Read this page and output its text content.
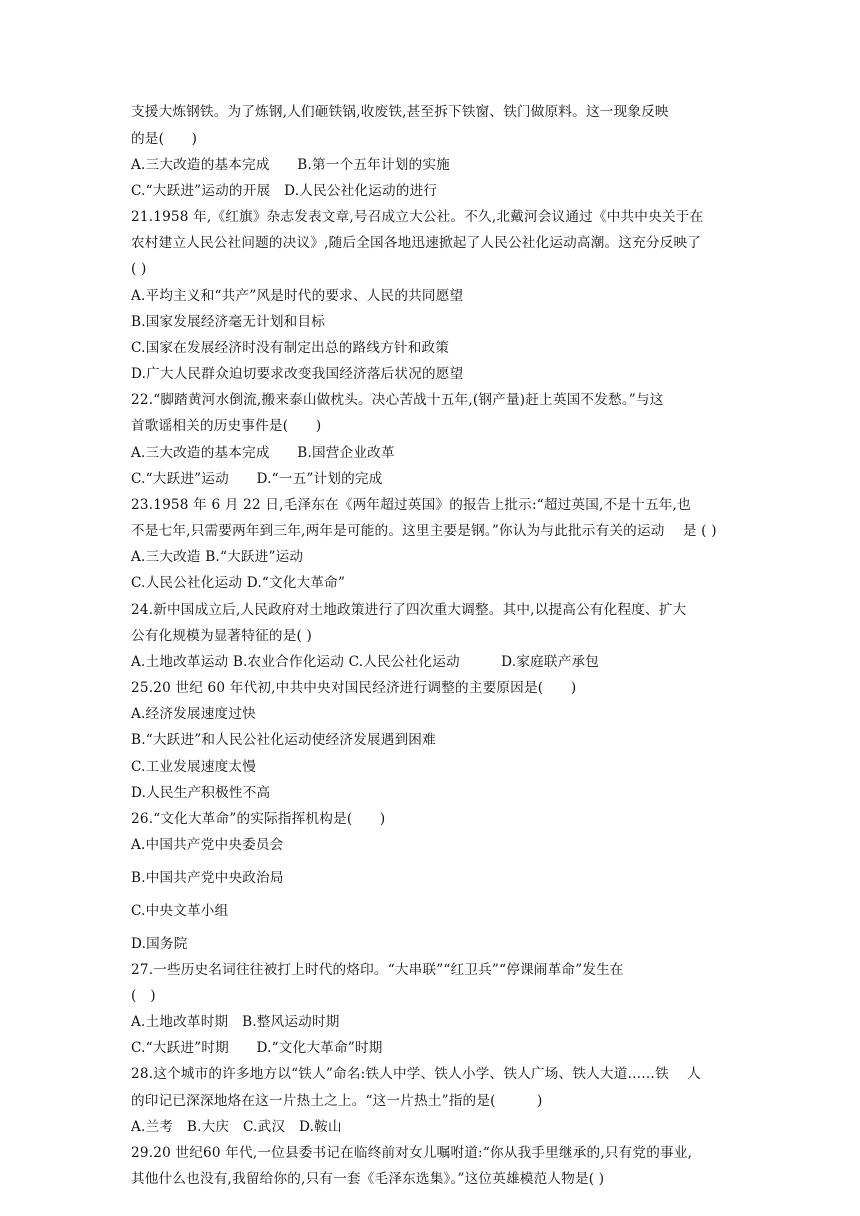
支援大炼钢铁。为了炼钢,人们砸铁锅,收废铁,甚至拆下铁窗、铁门做原料。这一现象反映
的是(　　)
A.三大改造的基本完成　　B.第一个五年计划的实施
C.“大跃进”运动的开展　D.人民公社化运动的进行
21.1958 年,《红旗》杂志发表文章,号召成立大公社。不久,北戴河会议通过《中共中央关于在
农村建立人民公社问题的决议》,随后全国各地迅速掀起了人民公社化运动高潮。这充分反映了
( )
A.平均主义和“共产”风是时代的要求、人民的共同愿望
B.国家发展经济毫无计划和目标
C.国家在发展经济时没有制定出总的路线方针和政策
D.广大人民群众迫切要求改变我国经济落后状况的愿望
22.“脚踏黄河水倒流,搬来泰山做枕头。决心苦战十五年,(钢产量)赶上英国不发愁。”与这
首歌谣相关的历史事件是(　　)
A.三大改造的基本完成　　B.国营企业改革
C.“大跃进”运动　　D.“一五”计划的完成
23.1958 年 6 月 22 日,毛泽东在《两年超过英国》的报告上批示:“超过英国,不是十五年,也
不是七年,只需要两年到三年,两年是可能的。这里主要是钢。”你认为与此批示有关的运动　 是 ( )
A.三大改造 B.“大跃进”运动
C.人民公社化运动 D.“文化大革命”
24.新中国成立后,人民政府对土地政策进行了四次重大调整。其中,以提高公有化程度、扩大
公有化规模为显著特征的是( )
A.土地改革运动 B.农业合作化运动 C.人民公社化运动　　　D.家庭联产承包
25.20 世纪 60 年代初,中共中央对国民经济进行调整的主要原因是(　　)
A.经济发展速度过快
B.“大跃进”和人民公社化运动使经济发展遇到困难
C.工业发展速度太慢
D.人民生产积极性不高
26.“文化大革命”的实际指挥机构是(　　)
A.中国共产党中央委员会
B.中国共产党中央政治局
C.中央文革小组
D.国务院
27.一些历史名词往往被打上时代的烙印。“大串联”“红卫兵”“停课闹革命”发生在
(　)
A.土地改革时期　B.整风运动时期
C.“大跃进”时期　　D.“文化大革命”时期
28.这个城市的许多地方以“铁人”命名:铁人中学、铁人小学、铁人广场、铁人大道……铁　 人
的印记已深深地烙在这一片热土之上。“这一片热土”指的是(　　　)
A.兰考　B.大庆　C.武汉　D.鞍山
29.20 世纪60 年代,一位县委书记在临终前对女儿嘱咐道:“你从我手里继承的,只有党的事业,
其他什么也没有,我留给你的,只有一套《毛泽东选集》。”这位英雄模范人物是( )
